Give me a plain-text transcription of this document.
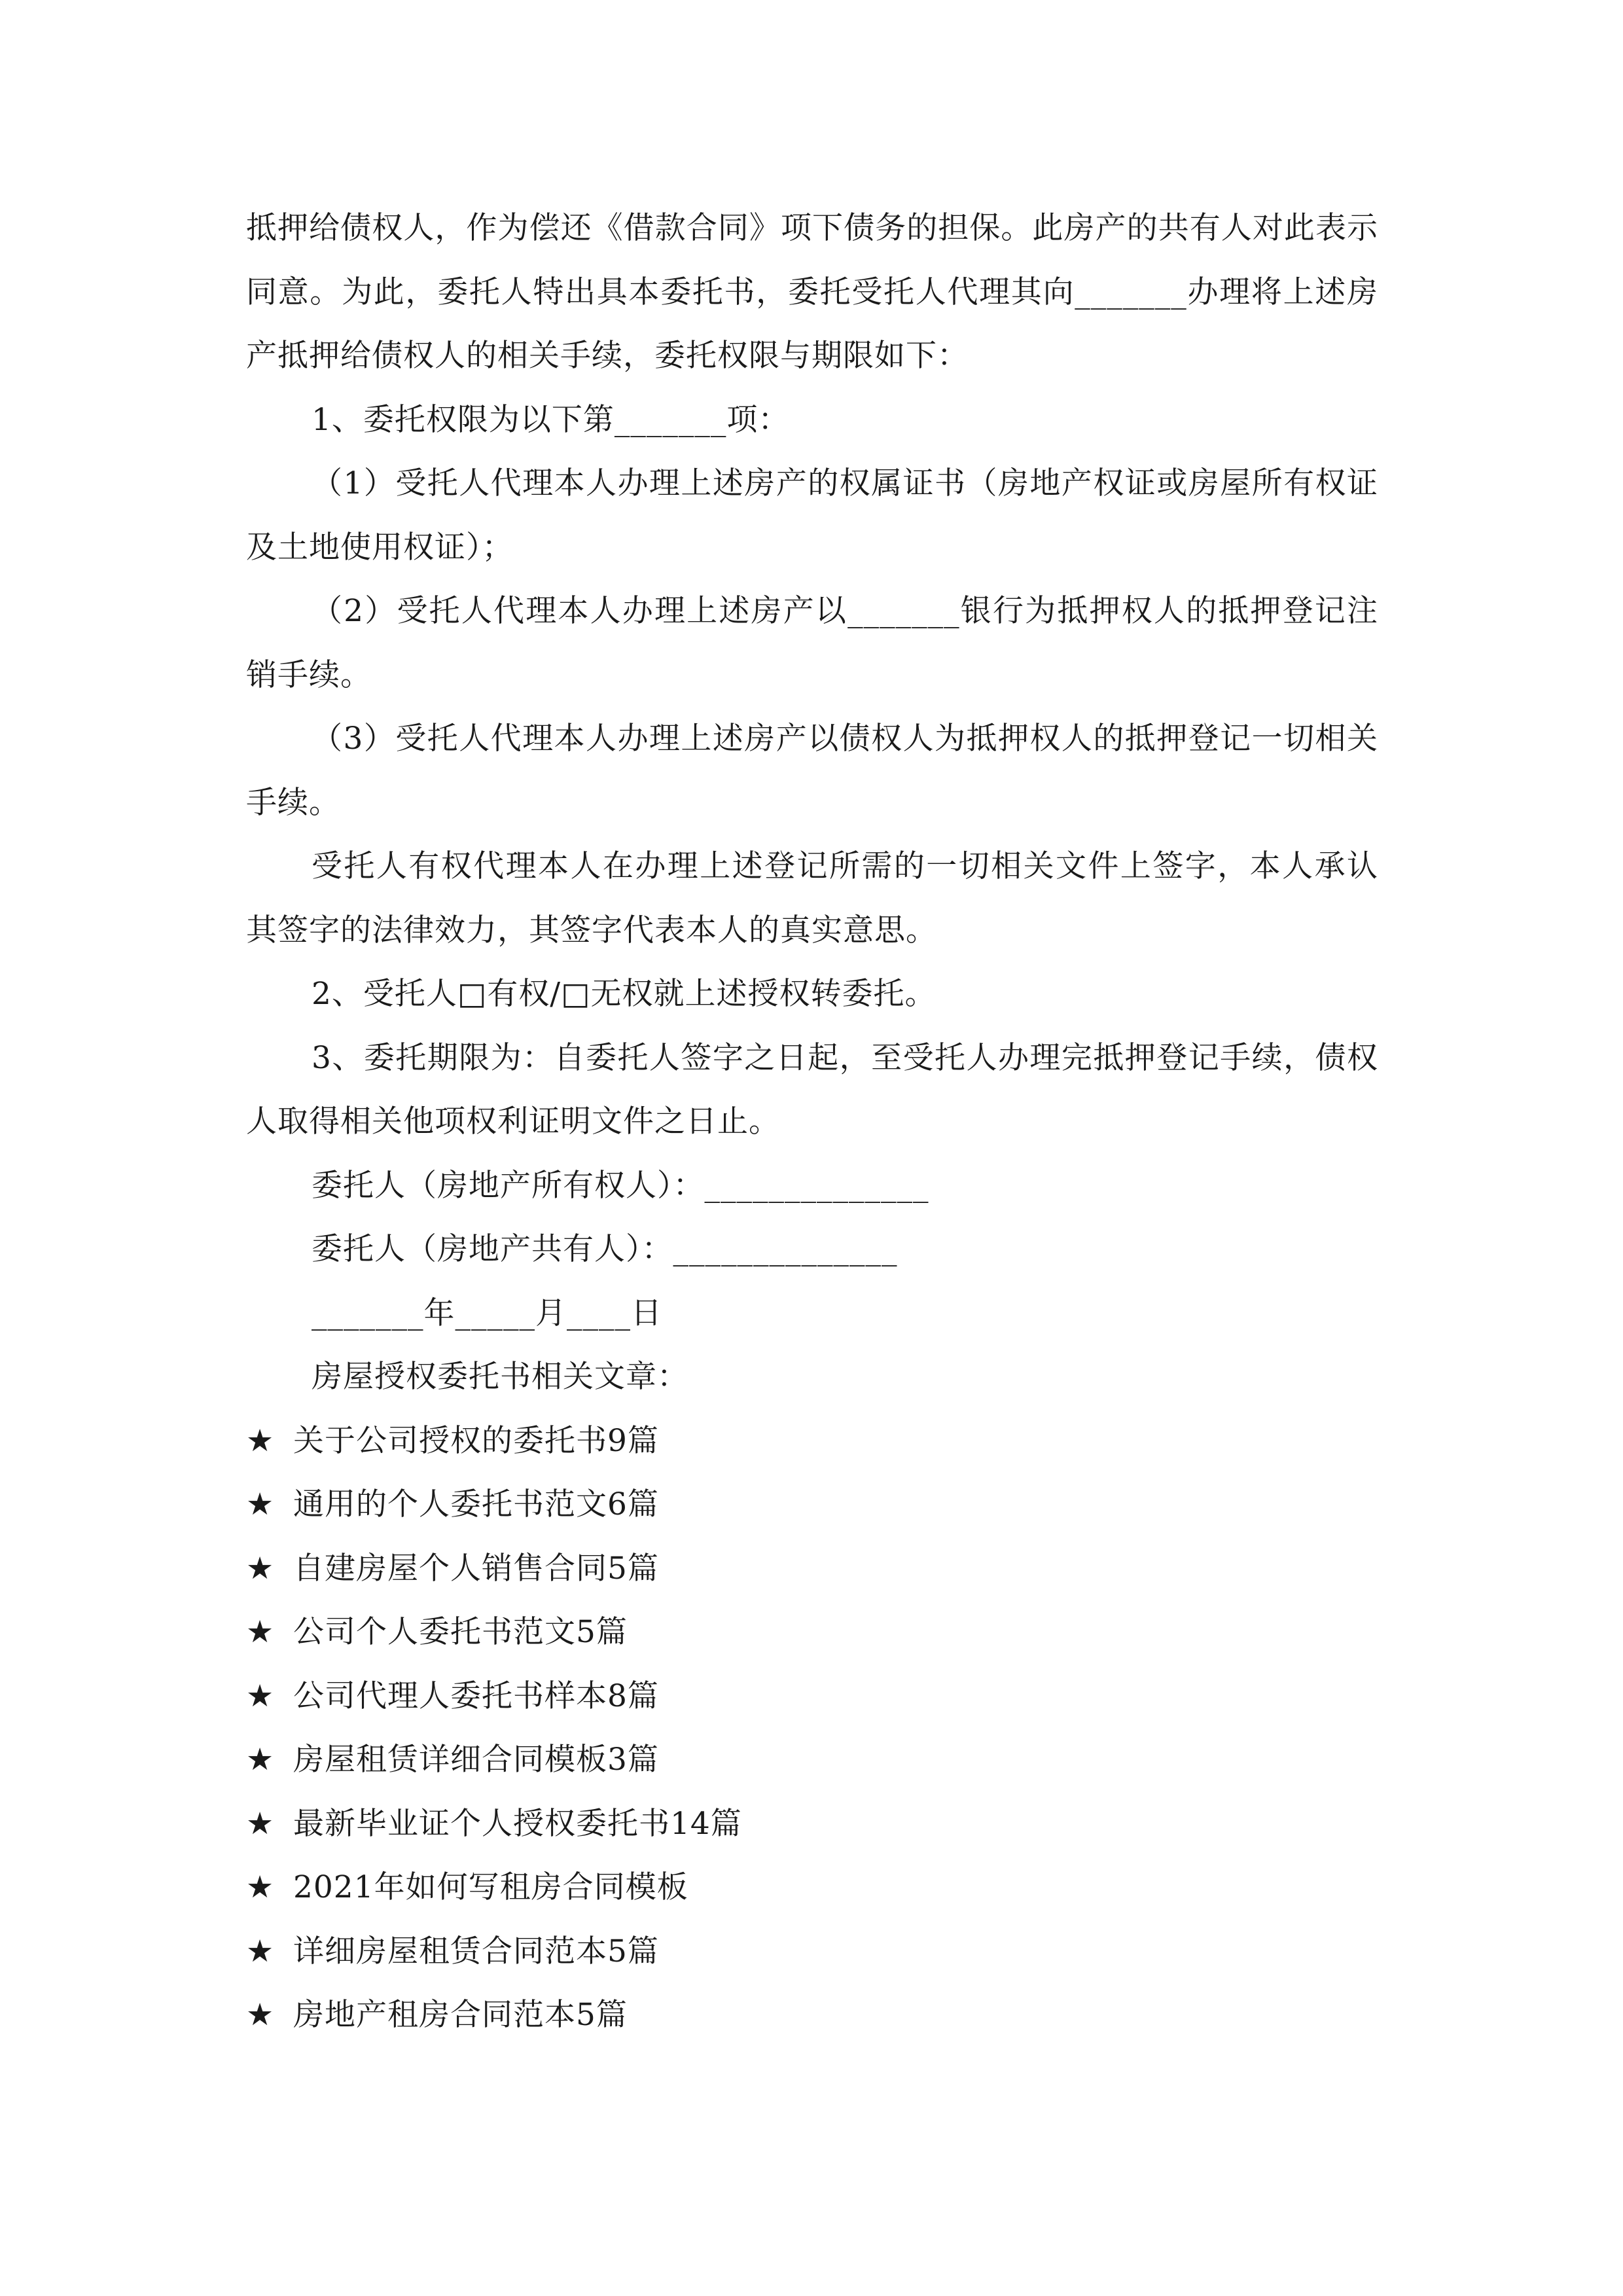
抵押给债权人，作为偿还《借款合同》项下债务的担保。此房产的共有人对此表示同意。为此，委托人特出具本委托书，委托受托人代理其向_______办理将上述房产抵押给债权人的相关手续，委托权限与期限如下：

1、委托权限为以下第_______项：

（1）受托人代理本人办理上述房产的权属证书（房地产权证或房屋所有权证及土地使用权证）；

（2）受托人代理本人办理上述房产以_______银行为抵押权人的抵押登记注销手续。

（3）受托人代理本人办理上述房产以债权人为抵押权人的抵押登记一切相关手续。

受托人有权代理本人在办理上述登记所需的一切相关文件上签字，本人承认其签字的法律效力，其签字代表本人的真实意思。

2、受托人□有权/□无权就上述授权转委托。

3、委托期限为：自委托人签字之日起，至受托人办理完抵押登记手续，债权人取得相关他项权利证明文件之日止。

委托人（房地产所有权人）：______________

委托人（房地产共有人）：______________

_______年_____月____日

房屋授权委托书相关文章：

★ 关于公司授权的委托书9篇

★ 通用的个人委托书范文6篇

★ 自建房屋个人销售合同5篇

★ 公司个人委托书范文5篇

★ 公司代理人委托书样本8篇

★ 房屋租赁详细合同模板3篇

★ 最新毕业证个人授权委托书14篇

★ 2021年如何写租房合同模板

★ 详细房屋租赁合同范本5篇

★ 房地产租房合同范本5篇
